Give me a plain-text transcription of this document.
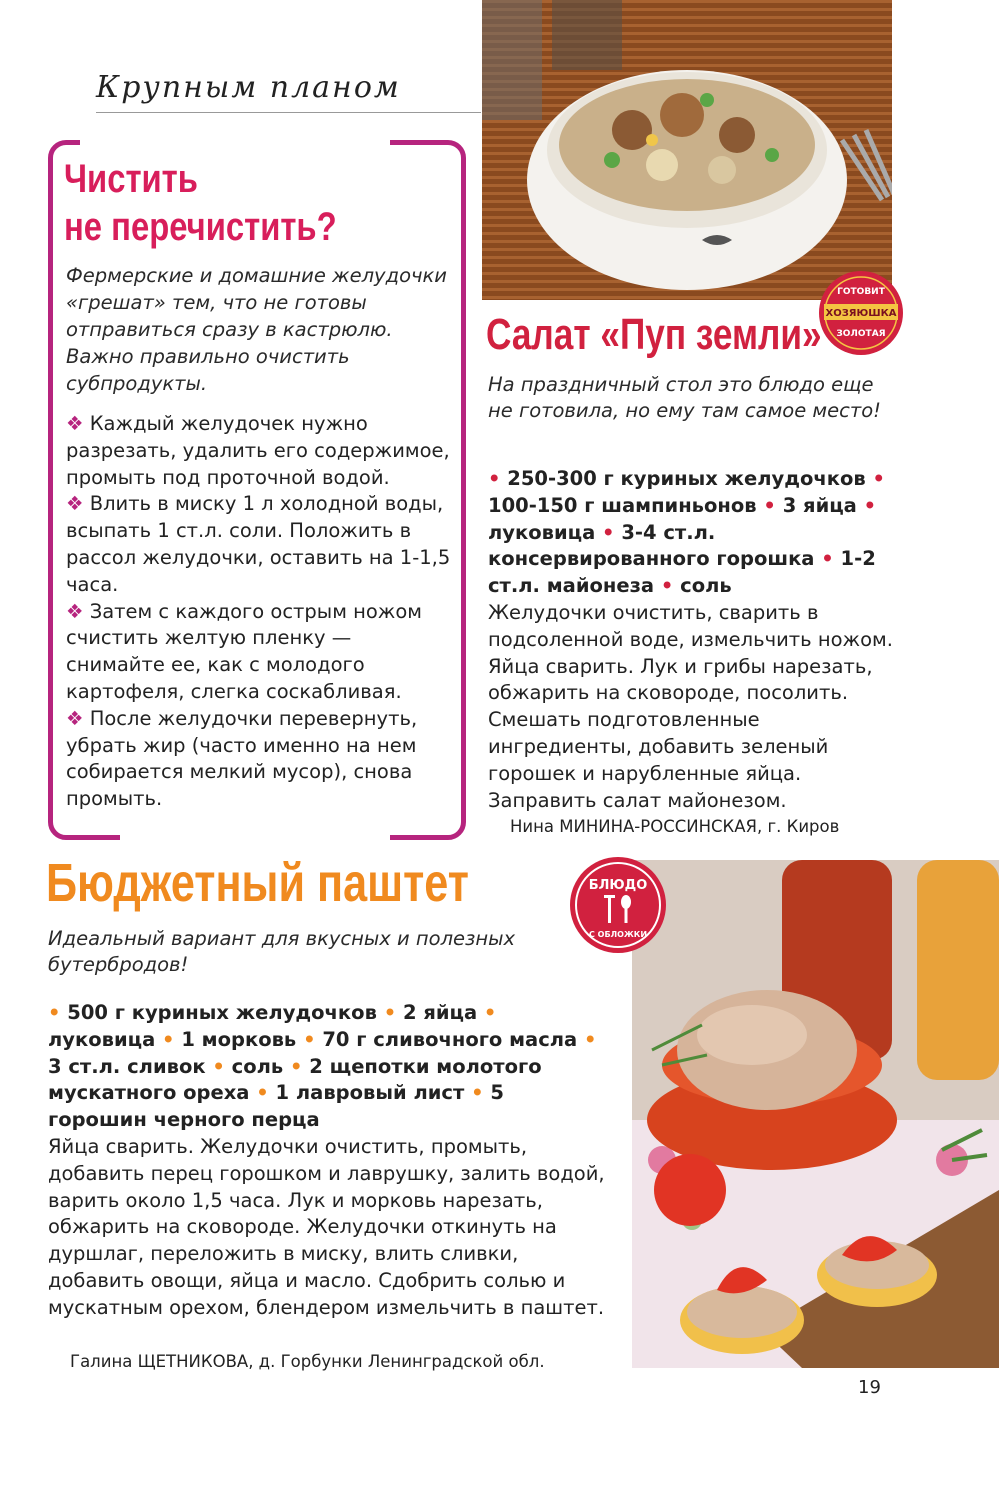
Крупным планом
Чистить
не перечистить?
Фермерские и домашние желудочки «грешат» тем, что не готовы отправиться сразу в кастрюлю. Важно правильно очистить субпродукты.

❖ Каждый желудочек нужно разрезать, удалить его содержимое, промыть под проточной водой.

❖ Влить в миску 1 л холодной воды, всыпать 1 ст.л. соли. Положить в рассол желудочки, оставить на 1-1,5 часа.

❖ Затем с каждого острым ножом счистить желтую пленку — снимайте ее, как с молодого картофеля, слегка соскабливая.

❖ После желудочки перевернуть, убрать жир (часто именно на нем собирается мелкий мусор), снова промыть.

ГОТОВИТ
ХОЗЯЮШКА
ЗОЛОТАЯ
Салат «Пуп земли»
На праздничный стол это блюдо еще не готовила, но ему там самое место!
• 250-300 г куриных желудочков • 100-150 г шампиньонов • 3 яйца • луковица • 3-4 ст.л. консервированного горошка • 1-2 ст.л. майонеза • соль
Желудочки очистить, сварить в подсоленной воде, измельчить ножом. Яйца сварить. Лук и грибы нарезать, обжарить на сковороде, посолить. Смешать подготовленные ингредиенты, добавить зеленый горошек и нарубленные яйца. Заправить салат майонезом.
Нина МИНИНА-РОССИНСКАЯ, г. Киров
Бюджетный паштет
Идеальный вариант для вкусных и полезных бутербродов!
• 500 г куриных желудочков • 2 яйца • луковица • 1 морковь • 70 г сливочного масла • 3 ст.л. сливок • соль • 2 щепотки молотого мускатного ореха • 1 лавровый лист • 5 горошин черного перца
Яйца сварить. Желудочки очистить, промыть, добавить перец горошком и лаврушку, залить водой, варить около 1,5 часа. Лук и морковь нарезать, обжарить на сковороде. Желудочки откинуть на дуршлаг, переложить в миску, влить сливки, добавить овощи, яйца и масло. Сдобрить солью и мускатным орехом, блендером измельчить в паштет.
Галина ЩЕТНИКОВА, д. Горбунки Ленинградской обл.
БЛЮДО
С ОБЛОЖКИ
19
